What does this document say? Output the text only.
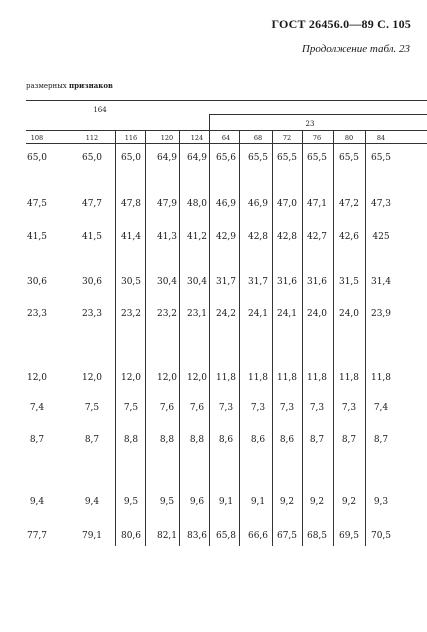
ГОСТ 26456.0—89 С. 105
Продолжение табл. 23
размерных признаков
164
23
108	112	116	120	124	64	68	72	76	80	84
65,0	65,0	65,0	64,9	64,9 65,6	65,5 65,5	65,5	65,5	65,5
47,5	47,7	47,8	47,9	48,0 46,9	46,9 47,0	47,1	47,2	47,3
41,5	41,5	41,4	41,3	41,2 42,9	42,8 42,8	42,7	42,6	425
30,6	30,6	30,5	30,4	30,4 31,7	31,7 31,6	31,6	31,5	31,4
23,3	23,3	23,2	23,2	23,1 24,2	24,1 24,1	24,0	24,0	23,9
12,0	12,0	12,0	12,0	12,0 11,8	11,8 11,8	11,8	11,8	11,8
7,4	7,5	7,5	7,6	7,6	7,3	7,3	7,3	7,3	7,3	7,4
8,7	8,7	8,8	8,8	8,8	8,6	8,6	8,6	8,7	8,7	8,7
9,4	9,4	9,5	9,5	9,6	9,1	9,1	9,2	9,2	9,2	9,3
77,7	79,1	80,6	82,1	83,6 65,8	66,6 67,5	68,5	69,5	70,5
